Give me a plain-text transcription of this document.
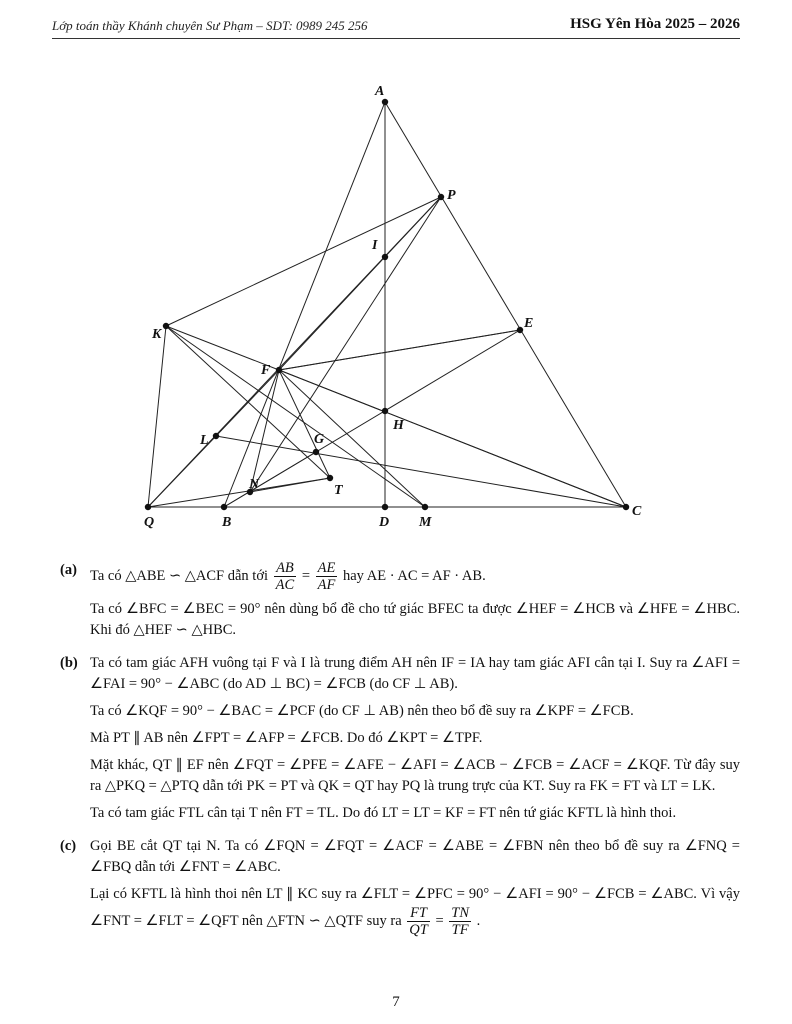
Lớp toán thầy Khánh chuyên Sư Phạm – SDT: 0989 245 256	HSG Yên Hòa 2025 – 2026
A
P
I
K
E
F
H
L	G
T
N
Q	B	D M
C
(a) Ta có △ABE ∽ △ACF dẫn tới $\frac{AB}{AC} = \frac{AE}{AF}$ hay AE · AC = AF · AB.

Ta có ∠BFC = ∠BEC = 90° nên dùng bổ đề cho tứ giác BFEC ta được ∠HEF = ∠HCB và ∠HFE = ∠HBC. Khi đó △HEF ∽ △HBC.

(b) Ta có tam giác AFH vuông tại F và I là trung điểm AH nên IF = IA hay tam giác AFI cân tại I. Suy ra ∠AFI = ∠FAI = 90° − ∠ABC (do AD ⊥ BC) = ∠FCB (do CF ⊥ AB).

Ta có ∠KQF = 90° − ∠BAC = ∠PCF (do CF ⊥ AB) nên theo bổ đề suy ra ∠KPF = ∠FCB.

Mà PT ∥ AB nên ∠FPT = ∠AFP = ∠FCB. Do đó ∠KPT = ∠TPF.

Mặt khác, QT ∥ EF nên ∠FQT = ∠PFE = ∠AFE − ∠AFI = ∠ACB − ∠FCB = ∠ACF = ∠KQF. Từ đây suy ra △PKQ = △PTQ dẫn tới PK = PT và QK = QT hay PQ là trung trực của KT. Suy ra FK = FT và LT = LK.

Ta có tam giác FTL cân tại T nên FT = TL. Do đó LT = LT = KF = FT nên tứ giác KFTL là hình thoi.

(c) Gọi BE cắt QT tại N. Ta có ∠FQN = ∠FQT = ∠ACF = ∠ABE = ∠FBN nên theo bổ đề suy ra ∠FNQ = ∠FBQ dẫn tới ∠FNT = ∠ABC.

Lại có KFTL là hình thoi nên LT ∥ KC suy ra ∠FLT = ∠PFC = 90° − ∠AFI = 90° − ∠FCB = ∠ABC. Vì vậy ∠FNT = ∠FLT = ∠QFT nên △FTN ∽ △QTF suy ra $\frac{FT}{QT} = \frac{TN}{TF}$ .

7
